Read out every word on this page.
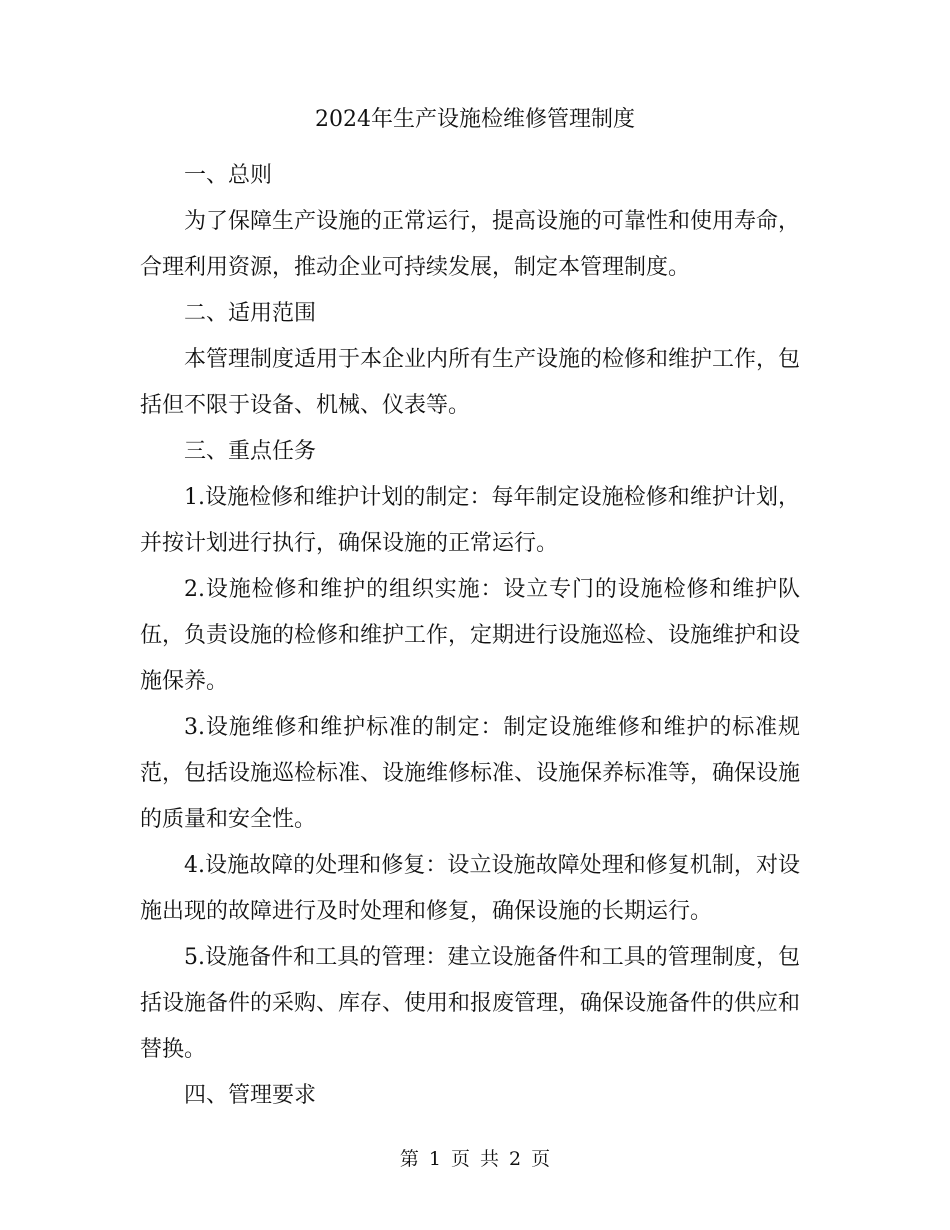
2024年生产设施检维修管理制度

一、总则

为了保障生产设施的正常运行，提高设施的可靠性和使用寿命，合理利用资源，推动企业可持续发展，制定本管理制度。

二、适用范围

本管理制度适用于本企业内所有生产设施的检修和维护工作，包括但不限于设备、机械、仪表等。

三、重点任务

1.设施检修和维护计划的制定：每年制定设施检修和维护计划，并按计划进行执行，确保设施的正常运行。

2.设施检修和维护的组织实施：设立专门的设施检修和维护队伍，负责设施的检修和维护工作，定期进行设施巡检、设施维护和设施保养。

3.设施维修和维护标准的制定：制定设施维修和维护的标准规范，包括设施巡检标准、设施维修标准、设施保养标准等，确保设施的质量和安全性。

4.设施故障的处理和修复：设立设施故障处理和修复机制，对设施出现的故障进行及时处理和修复，确保设施的长期运行。

5.设施备件和工具的管理：建立设施备件和工具的管理制度，包括设施备件的采购、库存、使用和报废管理，确保设施备件的供应和替换。

四、管理要求

第 1 页 共 2 页
